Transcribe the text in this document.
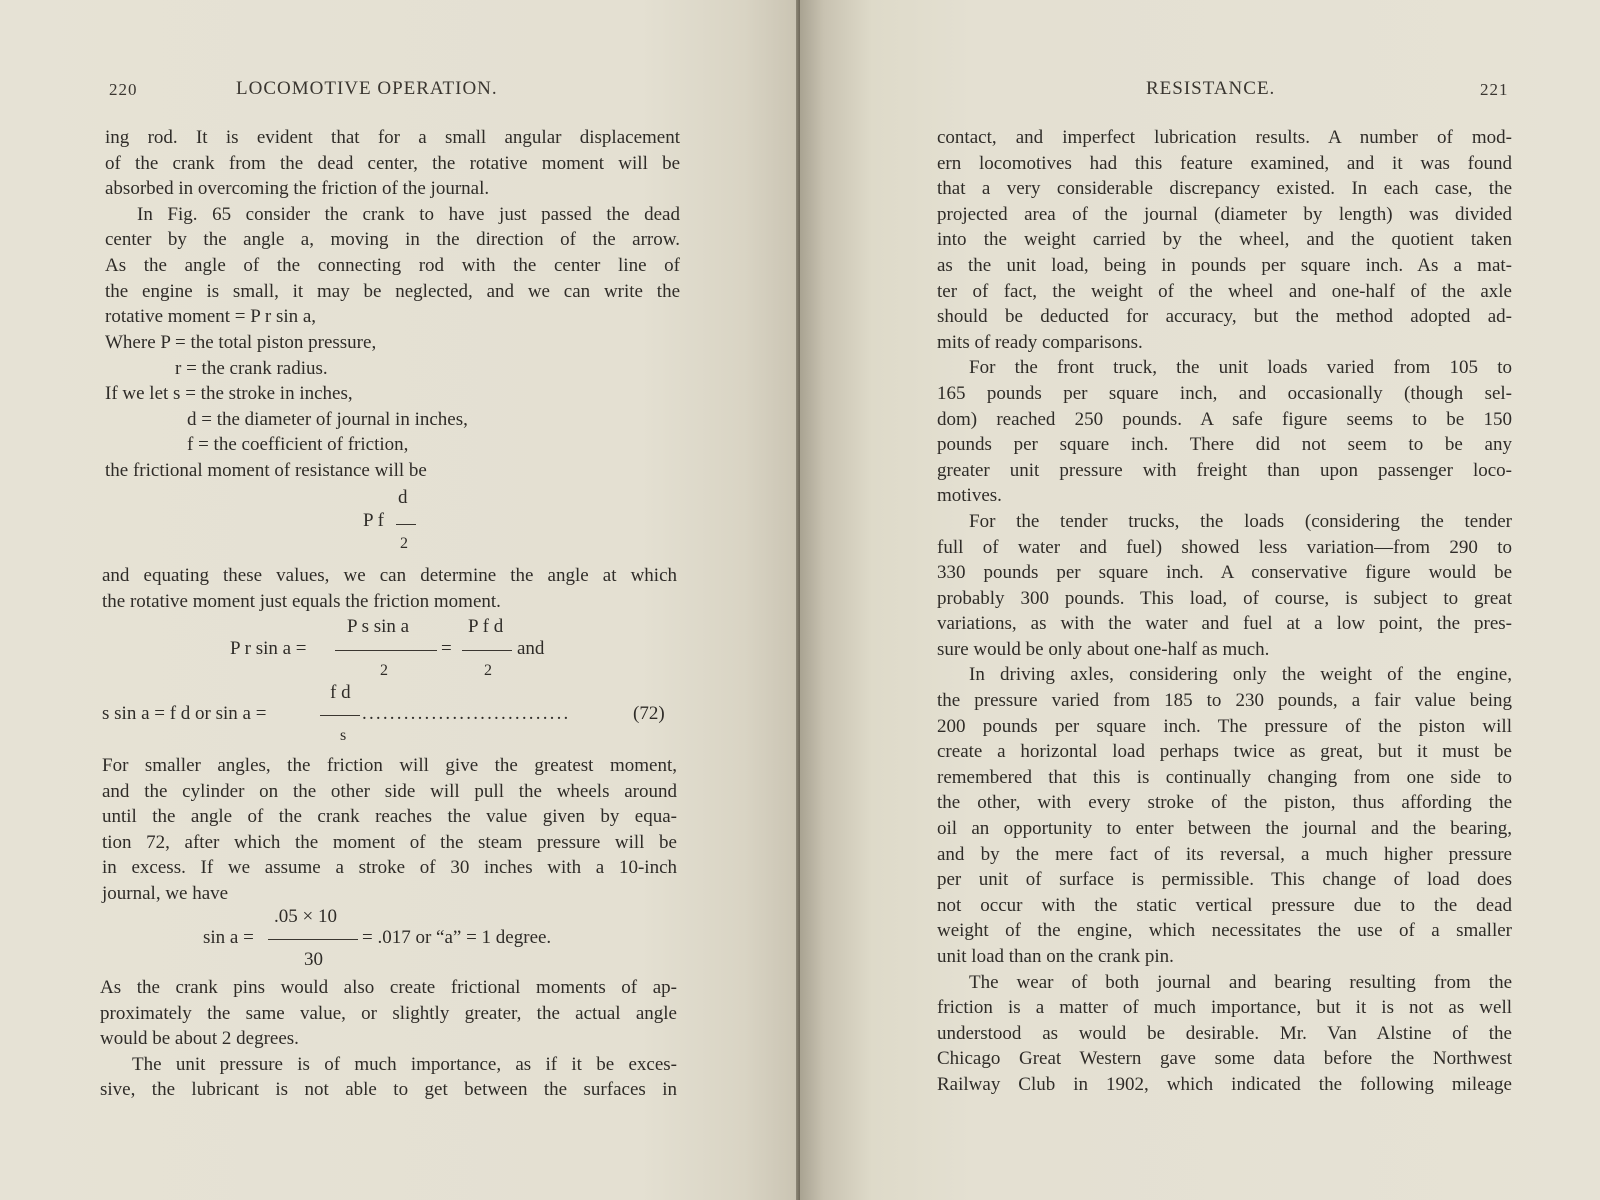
220	LOCOMOTIVE OPERATION.
ing rod. It is evident that for a small angular displacement
of the crank from the dead center, the rotative moment will be
absorbed in overcoming the friction of the journal.
In Fig. 65 consider the crank to have just passed the dead
center by the angle a, moving in the direction of the arrow.
As the angle of the connecting rod with the center line of
the engine is small, it may be neglected, and we can write the
rotative moment = P r sin a,
Where P = the total piston pressure,
r = the crank radius.
If we let s = the stroke in inches,
d = the diameter of journal in inches,
f = the coefficient of friction,
the frictional moment of resistance will be
d
P f
2
and equating these values, we can determine the angle at which
the rotative moment just equals the friction moment.
P s sin a	P f d
P r sin a =	=	and
2	2
f d
s sin a = f d or sin a =	..............................	(72)
s
For smaller angles, the friction will give the greatest moment,
and the cylinder on the other side will pull the wheels around
until the angle of the crank reaches the value given by equa-
tion 72, after which the moment of the steam pressure will be
in excess. If we assume a stroke of 30 inches with a 10-inch
journal, we have
.05 × 10
sin a =	= .017 or “a” = 1 degree.
30
As the crank pins would also create frictional moments of ap-
proximately the same value, or slightly greater, the actual angle
would be about 2 degrees.
The unit pressure is of much importance, as if it be exces-
sive, the lubricant is not able to get between the surfaces in
RESISTANCE.	221
contact, and imperfect lubrication results. A number of mod-
ern locomotives had this feature examined, and it was found
that a very considerable discrepancy existed. In each case, the
projected area of the journal (diameter by length) was divided
into the weight carried by the wheel, and the quotient taken
as the unit load, being in pounds per square inch. As a mat-
ter of fact, the weight of the wheel and one-half of the axle
should be deducted for accuracy, but the method adopted ad-
mits of ready comparisons.
For the front truck, the unit loads varied from 105 to
165 pounds per square inch, and occasionally (though sel-
dom) reached 250 pounds. A safe figure seems to be 150
pounds per square inch. There did not seem to be any
greater unit pressure with freight than upon passenger loco-
motives.
For the tender trucks, the loads (considering the tender
full of water and fuel) showed less variation—from 290 to
330 pounds per square inch. A conservative figure would be
probably 300 pounds. This load, of course, is subject to great
variations, as with the water and fuel at a low point, the pres-
sure would be only about one-half as much.
In driving axles, considering only the weight of the engine,
the pressure varied from 185 to 230 pounds, a fair value being
200 pounds per square inch. The pressure of the piston will
create a horizontal load perhaps twice as great, but it must be
remembered that this is continually changing from one side to
the other, with every stroke of the piston, thus affording the
oil an opportunity to enter between the journal and the bearing,
and by the mere fact of its reversal, a much higher pressure
per unit of surface is permissible. This change of load does
not occur with the static vertical pressure due to the dead
weight of the engine, which necessitates the use of a smaller
unit load than on the crank pin.
The wear of both journal and bearing resulting from the
friction is a matter of much importance, but it is not as well
understood as would be desirable. Mr. Van Alstine of the
Chicago Great Western gave some data before the Northwest
Railway Club in 1902, which indicated the following mileage
